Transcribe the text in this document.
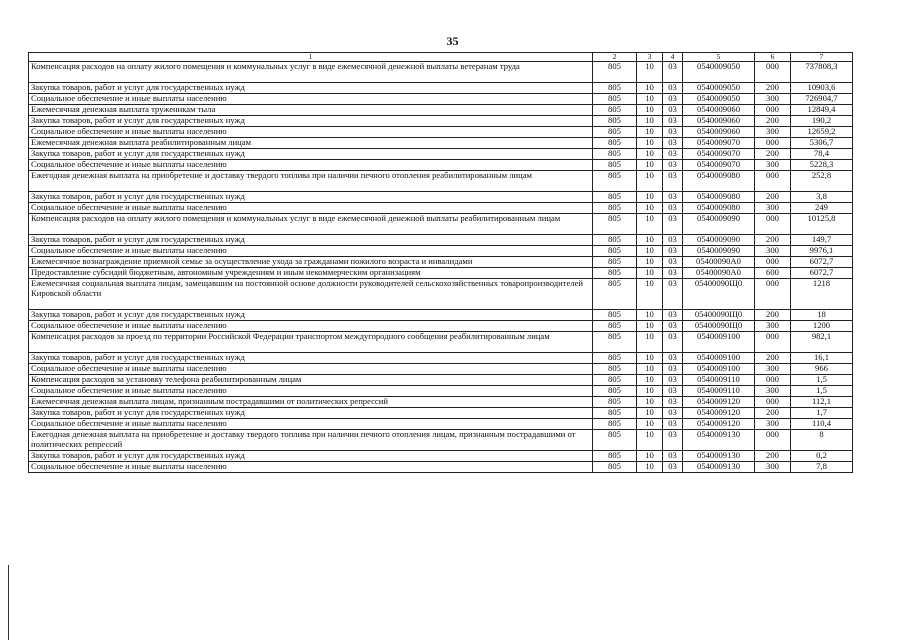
35
1	2	3	4	5	6	7
Компенсация расходов на оплату жилого помещения и коммунальных услуг в виде ежемесячной денежной выплаты ветеранам труда	805	10	03	0540009050	000	737808,3
Закупка товаров, работ и услуг для государственных нужд	805	10	03	0540009050	200	10903,6
Социальное обеспечение и иные выплаты населению	805	10	03	0540009050	300	726904,7
Ежемесячная денежная выплата труженикам тыла	805	10	03	0540009060	000	12849,4
Закупка товаров, работ и услуг для государственных нужд	805	10	03	0540009060	200	190,2
Социальное обеспечение и иные выплаты населению	805	10	03	0540009060	300	12659,2
Ежемесячная денежная выплата реабилитированным лицам	805	10	03	0540009070	000	5306,7
Закупка товаров, работ и услуг для государственных нужд	805	10	03	0540009070	200	78,4
Социальное обеспечение и иные выплаты населению	805	10	03	0540009070	300	5228,3
Ежегодная денежная выплата на приобретение и доставку твердого топлива при наличии печного отопления реабилитированным лицам	805	10	03	0540009080	000	252,8
Закупка товаров, работ и услуг для государственных нужд	805	10	03	0540009080	200	3,8
Социальное обеспечение и иные выплаты населению	805	10	03	0540009080	300	249
Компенсация расходов на оплату жилого помещения и коммунальных услуг в виде ежемесячной денежной выплаты реабилитированным лицам	805	10	03	0540009090	000	10125,8
Закупка товаров, работ и услуг для государственных нужд	805	10	03	0540009090	200	149,7
Социальное обеспечение и иные выплаты населению	805	10	03	0540009090	300	9976,1
Ежемесячное вознаграждение приемной семье за осуществление ухода за гражданами пожилого возраста и инвалидами	805	10	03	05400090А0	000	6072,7
Предоставление субсидий бюджетным, автономным учреждениям и иным некоммерческим организациям	805	10	03	05400090А0	600	6072,7
Ежемесячная социальная выплата лицам, замещавшим на постоянной основе должности руководителей сельскохозяйственных товаропроизводителей Кировской области	805	10	03	05400090Щ0	000	1218
Закупка товаров, работ и услуг для государственных нужд	805	10	03	05400090Щ0	200	18
Социальное обеспечение и иные выплаты населению	805	10	03	05400090Щ0	300	1200
Компенсация расходов за проезд по территории Российской Федерации транспортом междугородного сообщения реабилитированным лицам	805	10	03	0540009100	000	982,1
Закупка товаров, работ и услуг для государственных нужд	805	10	03	0540009100	200	16,1
Социальное обеспечение и иные выплаты населению	805	10	03	0540009100	300	966
Компенсация расходов за установку телефона реабилитированным лицам	805	10	03	0540009110	000	1,5
Социальное обеспечение и иные выплаты населению	805	10	03	0540009110	300	1,5
Ежемесячная денежная выплата лицам, признанным пострадавшими от политических репрессий	805	10	03	0540009120	000	112,1
Закупка товаров, работ и услуг для государственных нужд	805	10	03	0540009120	200	1,7
Социальное обеспечение и иные выплаты населению	805	10	03	0540009120	300	110,4
Ежегодная денежная выплата на приобретение и доставку твердого топлива при наличии печного отопления лицам, признанным пострадавшими от политических репрессий	805	10	03	0540009130	000	8
Закупка товаров, работ и услуг для государственных нужд	805	10	03	0540009130	200	0,2
Социальное обеспечение и иные выплаты населению	805	10	03	0540009130	300	7,8
